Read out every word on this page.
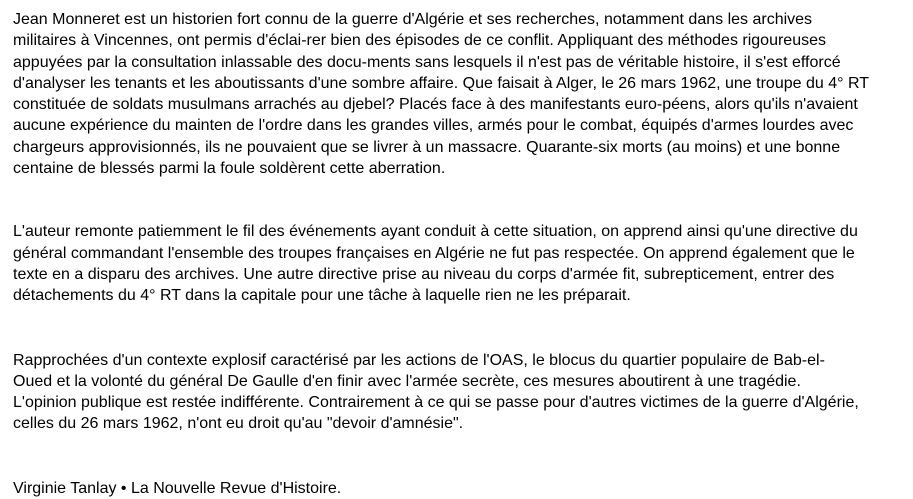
Jean Monneret est un historien fort connu de la guerre d'Algérie et ses recherches, notamment dans les archives
militaires à Vincennes, ont permis d'éclai-rer bien des épisodes de ce conflit. Appliquant des méthodes rigoureuses
appuyées par la consultation inlassable des docu-ments sans lesquels il n'est pas de véritable histoire, il s'est efforcé
d'analyser les tenants et les aboutissants d'une sombre affaire. Que faisait à Alger, le 26 mars 1962, une troupe du 4° RT
constituée de soldats musulmans arrachés au djebel? Placés face à des manifestants euro-péens, alors qu'ils n'avaient
aucune expérience du mainten de l'ordre dans les grandes villes, armés pour le combat, équipés d'armes lourdes avec
chargeurs approvisionnés, ils ne pouvaient que se livrer à un massacre. Quarante-six morts (au moins) et une bonne
centaine de blessés parmi la foule soldèrent cette aberration.

L'auteur remonte patiemment le fil des événements ayant conduit à cette situation, on apprend ainsi qu'une directive du
général commandant l'ensemble des troupes françaises en Algérie ne fut pas respectée. On apprend également que le
texte en a disparu des archives. Une autre directive prise au niveau du corps d'armée fit, subrepticement, entrer des
détachements du 4° RT dans la capitale pour une tâche à laquelle rien ne les préparait.

Rapprochées d'un contexte explosif caractérisé par les actions de l'OAS, le blocus du quartier populaire de Bab-el-
Oued et la volonté du général De Gaulle d'en finir avec l'armée secrète, ces mesures aboutirent à une tragédie.
L'opinion publique est restée indifférente. Contrairement à ce qui se passe pour d'autres victimes de la guerre d'Algérie,
celles du 26 mars 1962, n'ont eu droit qu'au "devoir d'amnésie".

Virginie Tanlay • La Nouvelle Revue d'Histoire.
